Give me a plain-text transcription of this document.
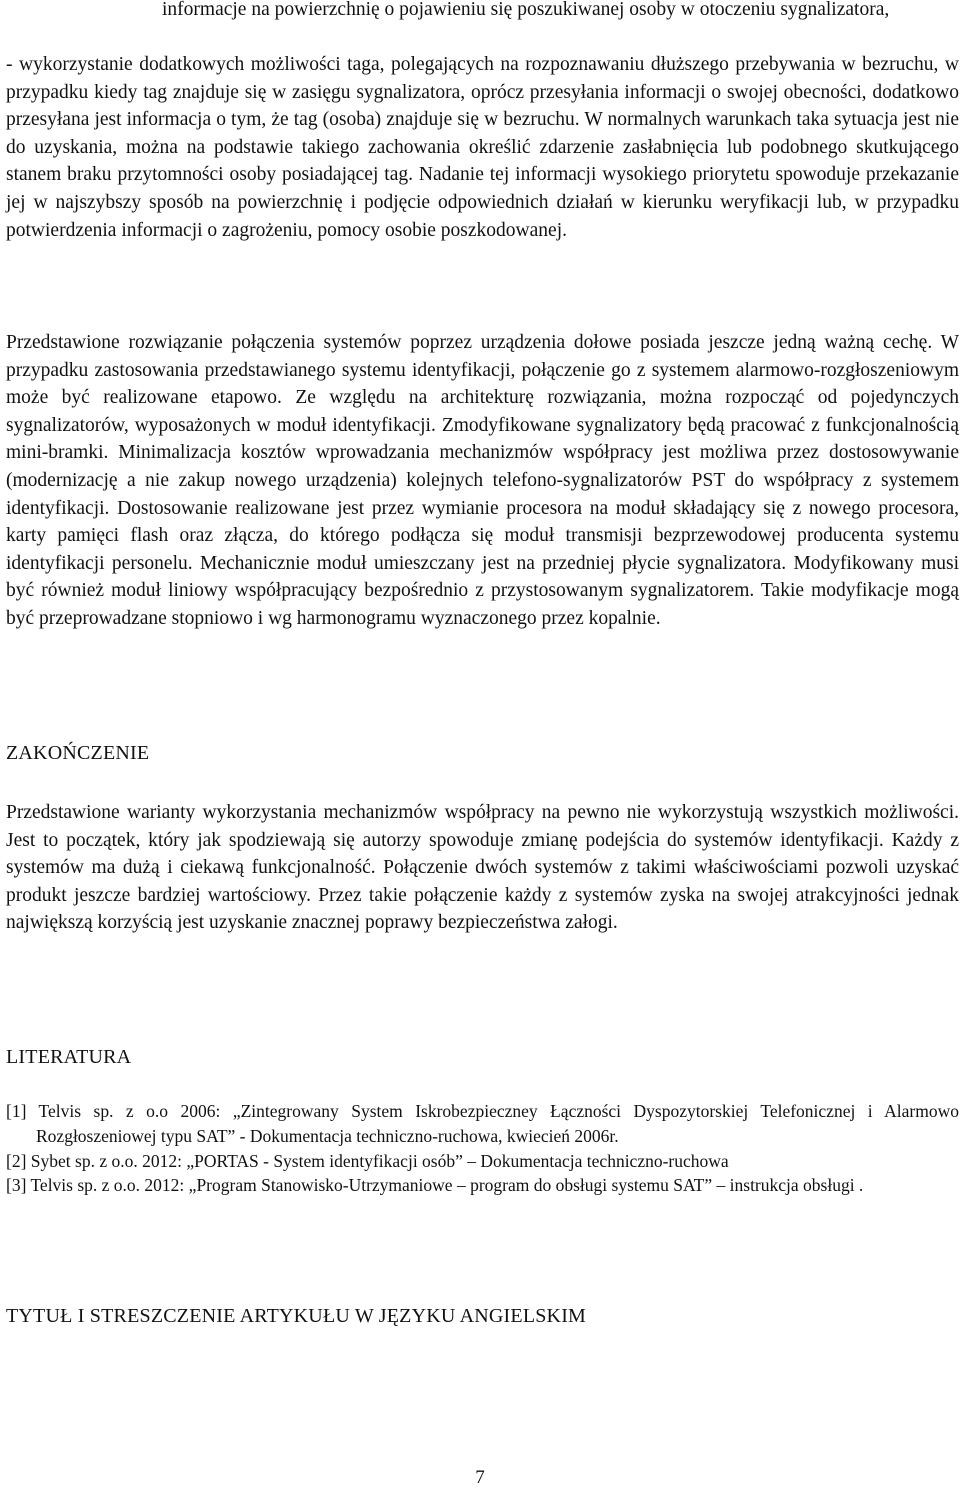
informacje na powierzchnię o pojawieniu się poszukiwanej osoby w otoczeniu sygnalizatora,

- wykorzystanie dodatkowych możliwości taga, polegających na rozpoznawaniu dłuższego przebywania w bezruchu, w przypadku kiedy tag znajduje się w zasięgu sygnalizatora, oprócz przesyłania informacji o swojej obecności, dodatkowo przesyłana jest informacja o tym, że tag (osoba) znajduje się w bezruchu. W normalnych warunkach taka sytuacja jest nie do uzyskania, można na podstawie takiego zachowania określić zdarzenie zasłabnięcia lub podobnego skutkującego stanem braku przytomności osoby posiadającej tag. Nadanie tej informacji wysokiego priorytetu spowoduje przekazanie jej w najszybszy sposób na powierzchnię i podjęcie odpowiednich działań w kierunku weryfikacji lub, w przypadku potwierdzenia informacji o zagrożeniu, pomocy osobie poszkodowanej.

Przedstawione rozwiązanie połączenia systemów poprzez urządzenia dołowe posiada jeszcze jedną ważną cechę. W przypadku zastosowania przedstawianego systemu identyfikacji, połączenie go z systemem alarmowo-rozgłoszeniowym może być realizowane etapowo. Ze względu na architekturę rozwiązania, można rozpocząć od pojedynczych sygnalizatorów, wyposażonych w moduł identyfikacji. Zmodyfikowane sygnalizatory będą pracować z funkcjonalnością mini-bramki. Minimalizacja kosztów wprowadzania mechanizmów współpracy jest możliwa przez dostosowywanie (modernizację a nie zakup nowego urządzenia) kolejnych telefono-sygnalizatorów PST do współpracy z systemem identyfikacji. Dostosowanie realizowane jest przez wymianie procesora na moduł składający się z nowego procesora, karty pamięci flash oraz złącza, do którego podłącza się moduł transmisji bezprzewodowej producenta systemu identyfikacji personelu. Mechanicznie moduł umieszczany jest na przedniej płycie sygnalizatora. Modyfikowany musi być również moduł liniowy współpracujący bezpośrednio z przystosowanym sygnalizatorem. Takie modyfikacje mogą być przeprowadzane stopniowo i wg harmonogramu wyznaczonego przez kopalnie.

ZAKOŃCZENIE

Przedstawione warianty wykorzystania mechanizmów współpracy na pewno nie wykorzystują wszystkich możliwości. Jest to początek, który jak spodziewają się autorzy spowoduje zmianę podejścia do systemów identyfikacji. Każdy z systemów ma dużą i ciekawą funkcjonalność. Połączenie dwóch systemów z takimi właściwościami pozwoli uzyskać produkt jeszcze bardziej wartościowy. Przez takie połączenie każdy z systemów zyska na swojej atrakcyjności jednak największą korzyścią jest uzyskanie znacznej poprawy bezpieczeństwa załogi.

LITERATURA
[1] Telvis sp. z o.o 2006: „Zintegrowany System Iskrobezpieczney Łączności Dyspozytorskiej Telefonicznej i Alarmowo Rozgłoszeniowej typu SAT” - Dokumentacja techniczno-ruchowa, kwiecień 2006r.
[2] Sybet sp. z o.o. 2012: „PORTAS - System identyfikacji osób” – Dokumentacja techniczno-ruchowa
[3] Telvis sp. z o.o. 2012: „Program Stanowisko-Utrzymaniowe – program do obsługi systemu SAT” – instrukcja obsługi .
TYTUŁ I STRESZCZENIE ARTYKUŁU W JĘZYKU ANGIELSKIM
7
